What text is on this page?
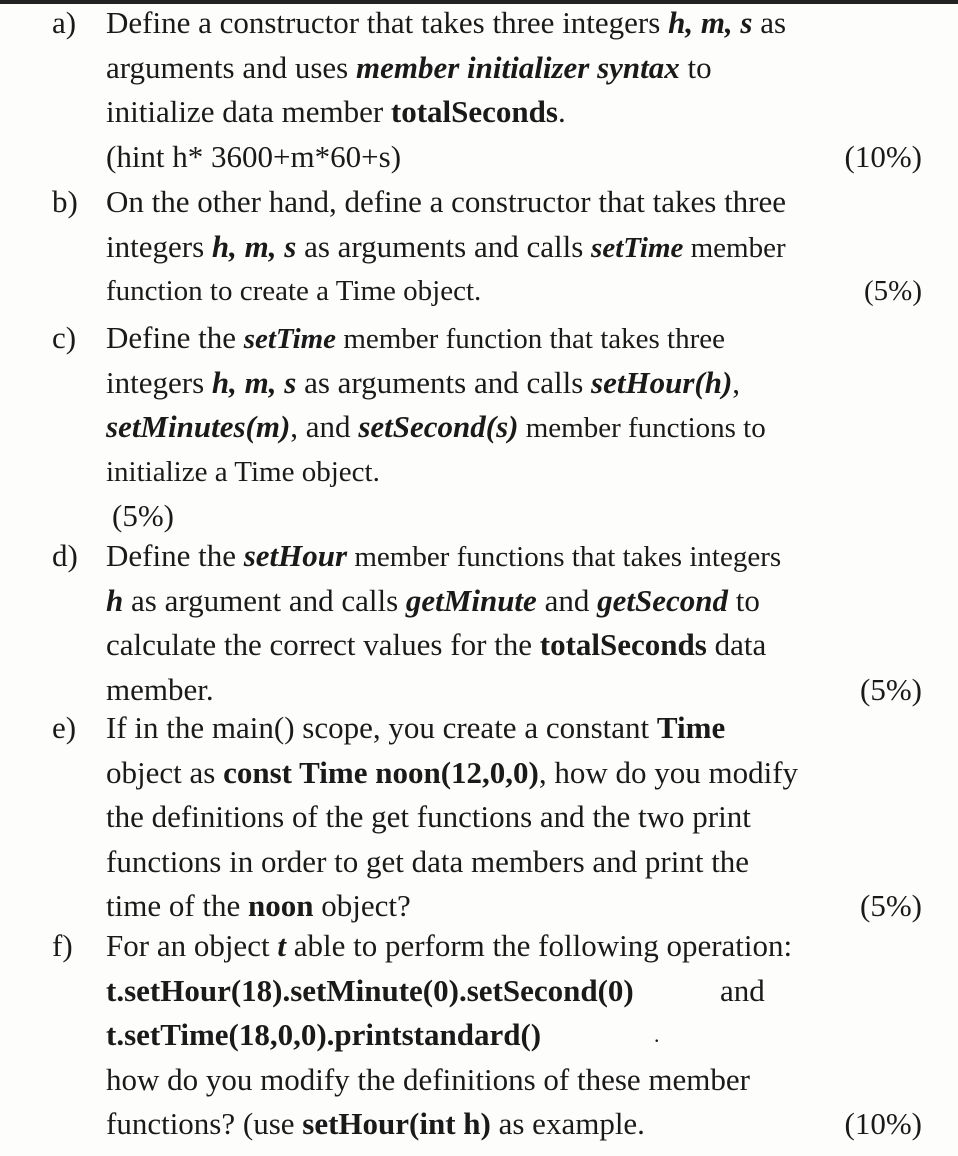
a) Define a constructor that takes three integers h, m, s as
arguments and uses member initializer syntax to
initialize data member totalSeconds.
(hint h* 3600+m*60+s)	(10%)
b) On the other hand, define a constructor that takes three
integers h, m, s as arguments and calls setTime member
function to create a Time object.	(5%)
c) Define the setTime member function that takes three
integers h, m, s as arguments and calls setHour(h),
setMinutes(m), and setSecond(s) member functions to
initialize a Time object.
(5%)
d) Define the setHour member functions that takes integers
h as argument and calls getMinute and getSecond to
calculate the correct values for the totalSeconds data
member.	(5%)
e) If in the main() scope, you create a constant Time
object as const Time noon(12,0,0), how do you modify
the definitions of the get functions and the two print
functions in order to get data members and print the
time of the noon object?	(5%)
f) For an object t able to perform the following operation:
t.setHour(18).setMinute(0).setSecond(0)	and
t.setTime(18,0,0).printstandard()	.
how do you modify the definitions of these member
functions? (use setHour(int h) as example.	(10%)
